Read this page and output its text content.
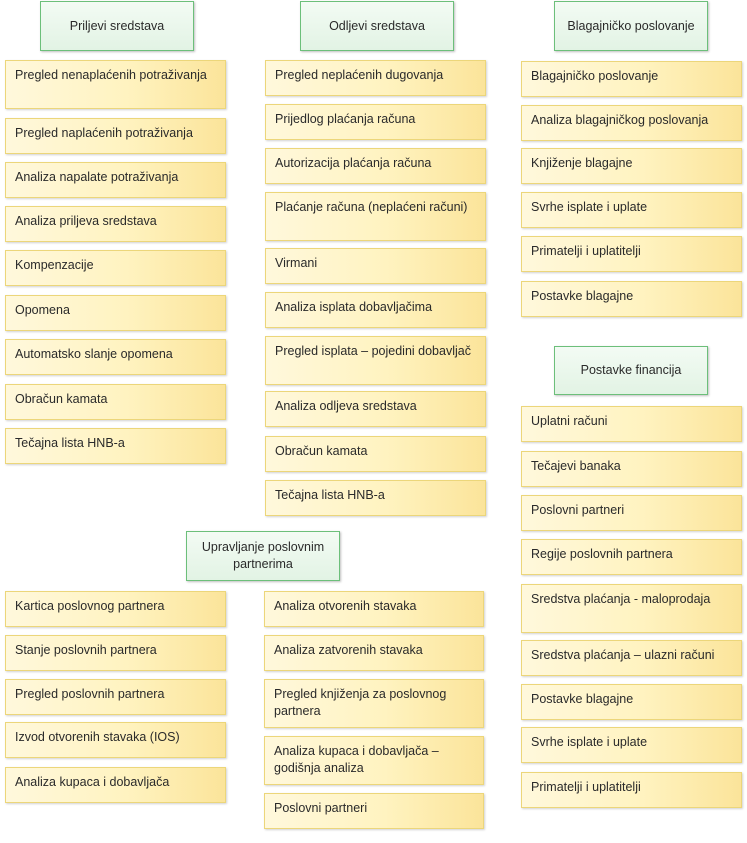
Priljevi sredstava
Pregled nenaplaćenih potraživanja
Pregled naplaćenih potraživanja
Analiza napalate potraživanja
Analiza priljeva sredstava
Kompenzacije
Opomena
Automatsko slanje opomena
Obračun kamata
Tečajna lista HNB-a
Odljevi sredstava
Pregled neplaćenih dugovanja
Prijedlog plaćanja računa
Autorizacija plaćanja računa
Plaćanje računa (neplaćeni računi)
Virmani
Analiza isplata dobavljačima
Pregled isplata – pojedini dobavljač
Analiza odljeva sredstava
Obračun kamata
Tečajna lista HNB-a
Blagajničko poslovanje
Blagajničko poslovanje
Analiza blagajničkog poslovanja
Knjiženje blagajne
Svrhe isplate i uplate
Primatelji i uplatitelji
Postavke blagajne
Postavke financija
Uplatni računi
Tečajevi banaka
Poslovni partneri
Regije poslovnih partnera
Sredstva plaćanja - maloprodaja
Sredstva plaćanja – ulazni računi
Postavke blagajne
Svrhe isplate i uplate
Primatelji i uplatitelji
Upravljanje poslovnim partnerima
Kartica poslovnog partnera
Stanje poslovnih partnera
Pregled poslovnih partnera
Izvod otvorenih stavaka (IOS)
Analiza kupaca i dobavljača
Analiza otvorenih stavaka
Analiza zatvorenih stavaka
Pregled knjiženja za poslovnog partnera
Analiza kupaca i dobavljača – godišnja analiza
Poslovni partneri
